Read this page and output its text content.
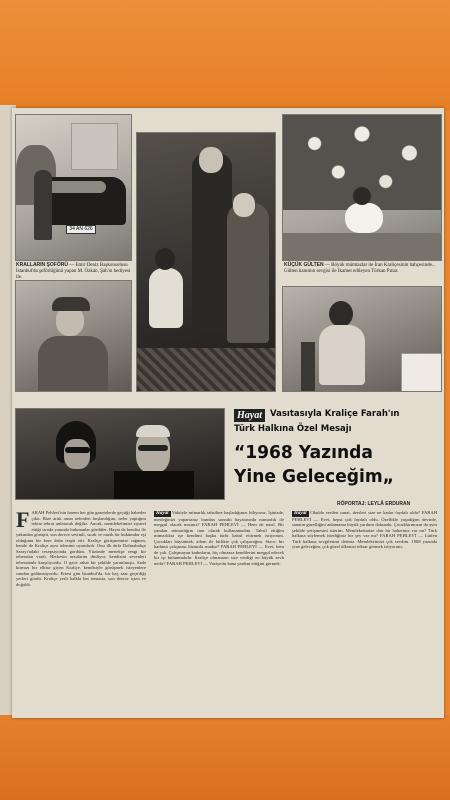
34 AN 626
KRALLARIN ŞOFÖRÜ — Emir Deniz Başkonsolosu İstanbul'da şoförlüğünü yapan M. Özkan, Şah'ın hediyesi ile.
KÜÇÜK GÜLTEN — Böyük mümtazlar ile İran Kraliçesinin bahçesinde... Gülten hanımın sevgisi ile İkamet edileyen Türkan Pınar.
Hayat Vasıtasıyla Kraliçe Farah'ın
Türk Halkına Özel Mesajı
“1968 Yazında
Yine Geleceğim„
RÖPORTAJ: LEYLÂ ERDURAN
FARAH Pehlevi'nin harem her gün gazetelerde geçtiği haberler çıktı. Bize artık onun nelerden hoşlandığını, neler yaptığını tekrar tekrar anlatacak değiliz. Ancak, memleketimizi ziyaret ettiği sırada yanında bulunanlar gördüler. Hayat da kendisi ile yakından görüştü, son derece sevimli, sıcak ve nazik bir hükümdar eşi olduğunu bir kere daha tespit etti. Kraliçe görüşmemize rağmen, bende de Kraliçe aynı izlenimi uyandırdı. Onu ilk defa Dolmabahçe Sarayı'ndaki resepsiyonda gördüm. Yüzünde menekşe rengi bir tebessüm vardı. Herkesin arzularını dinliyor, kendisini sevenleri tebessümle karşılıyordu. O gece rahat bir şekilde yaratılmıştı. Sade kırmızı bir elbise giyen Kraliçe, kendisiyle görüşmek isteyenlere candan gülümsüyordu. Ertesi gün İstanbul'da, bir kaç saat geçirdiği yerleri gördü. Kraliçe yerli halkla her temasta, son derece içten ve doğaldı.
Hayat Vaktiyle mimarlık tahsiline başladığınızı biliyoruz. İşinizde, mesleğinizi yaparsanız bundan sonraki hayatınızda mimarlık ile meşgul olacak mısınız? FARAH PEHLEVİ — Hem de nasıl. Bir yandan mimarlığım tam olarak kullanamadım. Tahsil ettiğim mimarlıkta işe kendimi başka türlü kabul ettirmek istiyorum. Çocukları büyütmek, ailem ile birlikte çok çalışacağım. Sizce, bir kadının çalışması lüzumlu mudur? FARAH PEHLEVİ — Evet, hem de çok. Çalışmayan kadınların, hiç olmazsa kendilerini meşgul edecek bir işi bulunmalıdır. Kraliçe olmanızın size verdiği en büyük zevk nedir? FARAH PEHLEVİ — Vaziyetin bana yardım ettiğini görmek.
Hayat Okulda verilen sanat, dersleri size ne kadar faydalı oldu? FARAH PEHLEVİ — Evet, hepsi çok faydalı oldu. Özellikle yaşadığım devirde, sanatın güzelliğini anlamama büyük yardımı dokundu. Çocuklarımızın da aynı şekilde yetişmesini isterim. Memleketimize dair bir haberiniz var mı? Türk halkına söylemek istediğiniz bir şey var mı? FARAH PEHLEVİ — Lütfen Türk halkına sevgilerimi iletiniz. Memleketinizi çok sevdim. 1968 yazında yine geleceğim, çok güzel ülkenizi tekrar görmek istiyorum.
